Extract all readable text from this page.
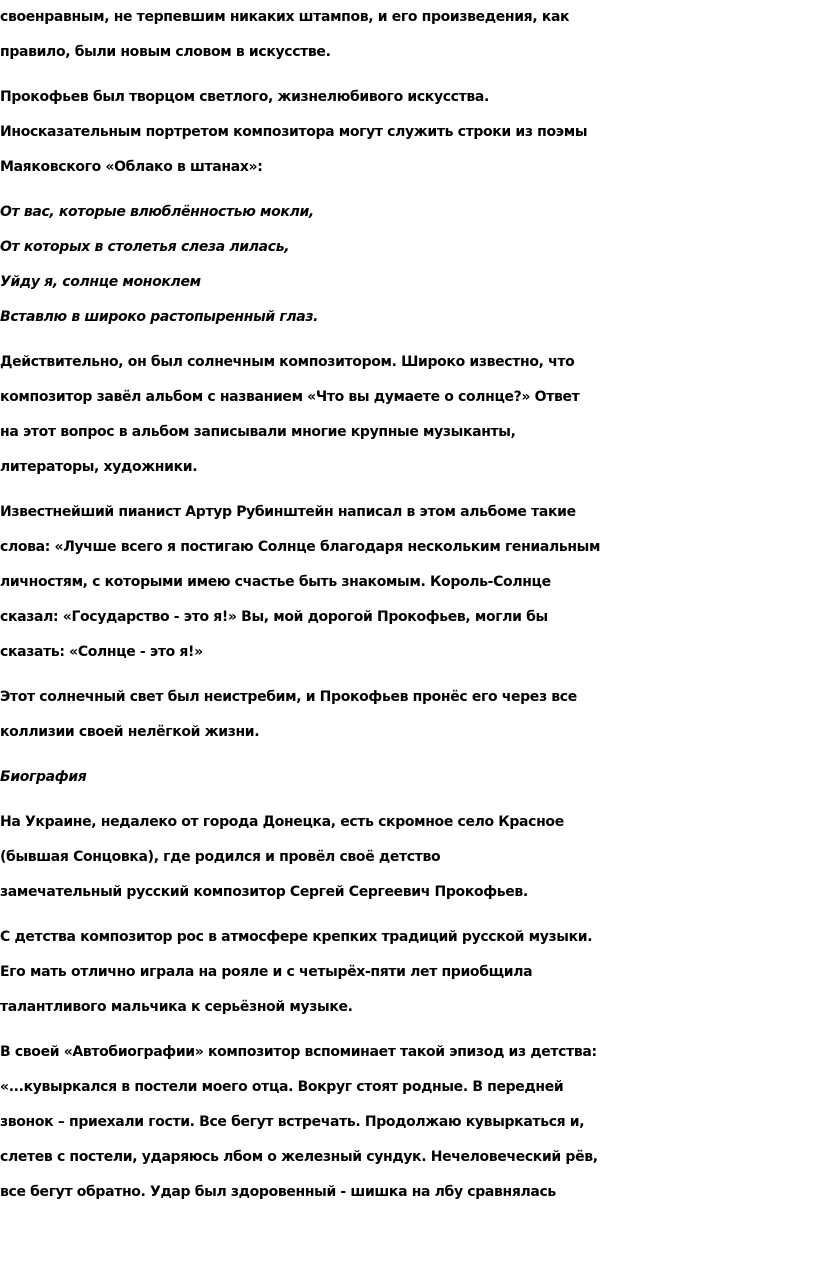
своенравным, не терпевшим никаких штампов, и его произведения, как
правило, были новым словом в искусстве.

Прокофьев был творцом светлого, жизнелюбивого искусства.
Иносказательным портретом композитора могут служить строки из поэмы
Маяковского «Облако в штанах»:

От вас, которые влюблённостью мокли,
От которых в столетья слеза лилась,
Уйду я, солнце моноклем
Вставлю в широко растопыренный глаз.

Действительно, он был солнечным композитором. Широко известно, что
композитор завёл альбом с названием «Что вы думаете о солнце?» Ответ
на этот вопрос в альбом записывали многие крупные музыканты,
литераторы, художники.

Известнейший пианист Артур Рубинштейн написал в этом альбоме такие
слова: «Лучше всего я постигаю Солнце благодаря нескольким гениальным
личностям, с которыми имею счастье быть знакомым. Король-Солнце
сказал: «Государство - это я!» Вы, мой дорогой Прокофьев, могли бы
сказать: «Солнце - это я!»

Этот солнечный свет был неистребим, и Прокофьев пронёс его через все
коллизии своей нелёгкой жизни.

Биография

На Украине, недалеко от города Донецка, есть скромное село Красное
(бывшая Сонцовка), где родился и провёл своё детство
замечательный русский композитор Сергей Сергеевич Прокофьев.

С детства композитор рос в атмосфере крепких традиций русской музыки.
Его мать отлично играла на рояле и с четырёх-пяти лет приобщила
талантливого мальчика к серьёзной музыке.

В своей «Автобиографии» композитор вспоминает такой эпизод из детства:
«...кувыркался в постели моего отца. Вокруг стоят родные. В передней
звонок – приехали гости. Все бегут встречать. Продолжаю кувыркаться и,
слетев с постели, ударяюсь лбом о железный сундук. Нечеловеческий рёв,
все бегут обратно. Удар был здоровенный - шишка на лбу сравнялась
